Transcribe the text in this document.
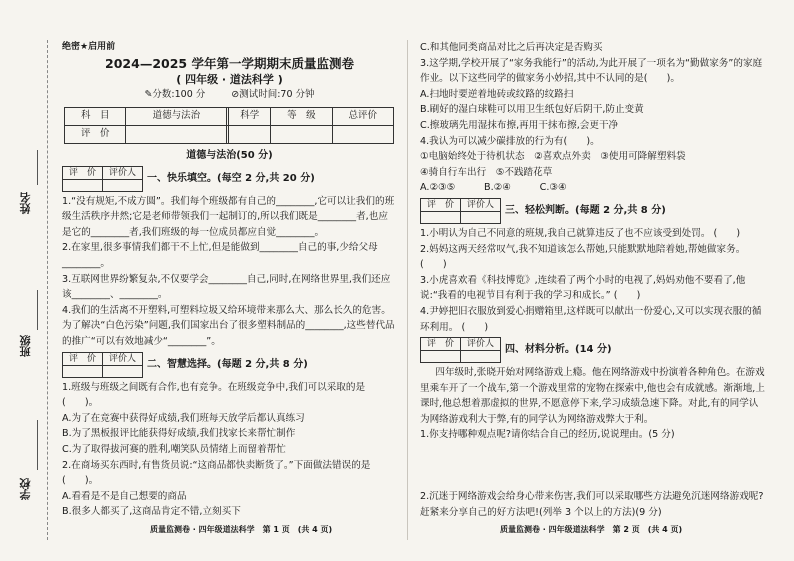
姓名
班级
学校
绝密★启用前
2024—2025 学年第一学期期末质量监测卷
( 四年级 · 道法科学 )
✎分数:100 分	⊘测试时间:70 分钟
科　目	道德与法治		科学	等　级	总评价
评　价					
道德与法治(50 分)
评　价	评价人
一、快乐填空。(每空 2 分,共 20 分)

1.“没有规矩,不成方圆”。我们每个班级都有自己的________,它可以让我们的班级生活秩序井然;它是老师带领我们一起制订的,所以我们既是________者,也应是它的________者,我们班级的每一位成员都应自觉________。

2.在家里,很多事情我们都干不上忙,但是能做到________自己的事,少给父母________。

3.互联网世界纷繁复杂,不仅要学会________自己,同时,在网络世界里,我们还应该________、________。

4.我们的生活离不开塑料,可塑料垃圾又给环境带来那么大、那么长久的危害。为了解决“白色污染”问题,我们国家出台了很多塑料制品的________,这些替代品的推广“可以有效地减少“________”。

评　价	评价人
二、智慧选择。(每题 2 分,共 8 分)

1.班级与班级之间既有合作,也有竞争。在班级竞争中,我们可以采取的是(　　)。

A.为了在竞赛中获得好成绩,我们班每天放学后都认真练习

B.为了黑板报评比能获得好成绩,我们找家长来帮忙制作

C.为了取得拔河赛的胜利,嘲笑队员情绪上而留着帮忙

2.在商场买东西时,有售货员说:“这商品都快卖断货了。”下面做法错误的是(　　)。

A.看看是不是自己想要的商品

B.很多人都买了,这商品肯定不错,立刻买下

C.和其他同类商品对比之后再决定是否购买

3.这学期,学校开展了“家务我能行”的活动,为此开展了一项名为“勤做家务”的家庭作业。以下这些同学的做家务小妙招,其中不认同的是(　　)。

A.扫地时要逆着地砖或纹路的纹路扫

B.刷好的湿白球鞋可以用卫生纸包好后阴干,防止变黄

C.擦玻璃先用湿抹布擦,再用干抹布擦,会更干净

4.我认为可以减少碳排放的行为有(　　)。

①电脑始终处于待机状态　②喜欢点外卖　③使用可降解塑料袋

④骑自行车出行　⑤不践踏花草

A.②③⑤　　　B.②④　　　C.③④

评　价	评价人
三、轻松判断。(每题 2 分,共 8 分)

1.小明认为自己不同意的班规,我自己就算违反了也不应该受到处罚。 (　　)

2.妈妈这两天经常叹气,我不知道该怎么帮她,只能默默地陪着她,帮她做家务。 (　　)

3.小虎喜欢看《科技博览》,连续看了两个小时的电视了,妈妈劝他不要看了,他说:“我看的电视节目有利于我的学习和成长。” (　　)

4.尹婷把旧衣服放到爱心捐赠箱里,这样既可以献出一份爱心,又可以实现衣服的循环利用。 (　　)

评　价	评价人
四、材料分析。(14 分)

四年级时,张晓开始对网络游戏上瘾。他在网络游戏中扮演着各种角色。在游戏里乘车开了一个战车,第一个游戏里常的宠物在探索中,他也会有成就感。渐渐地,上课时,他总想着那虚拟的世界,不愿意停下来,学习成绩急速下降。对此,有的同学认为网络游戏利大于弊,有的同学认为网络游戏弊大于利。

1.你支持哪种观点呢?请你结合自己的经历,说说理由。(5 分)

2.沉迷于网络游戏会给身心带来伤害,我们可以采取哪些方法避免沉迷网络游戏呢?赶紧来分享自己的好方法吧!(列举 3 个以上的方法)(9 分)

质量监测卷 · 四年级道法科学　第 1 页　(共 4 页)	质量监测卷 · 四年级道法科学　第 2 页　(共 4 页)
